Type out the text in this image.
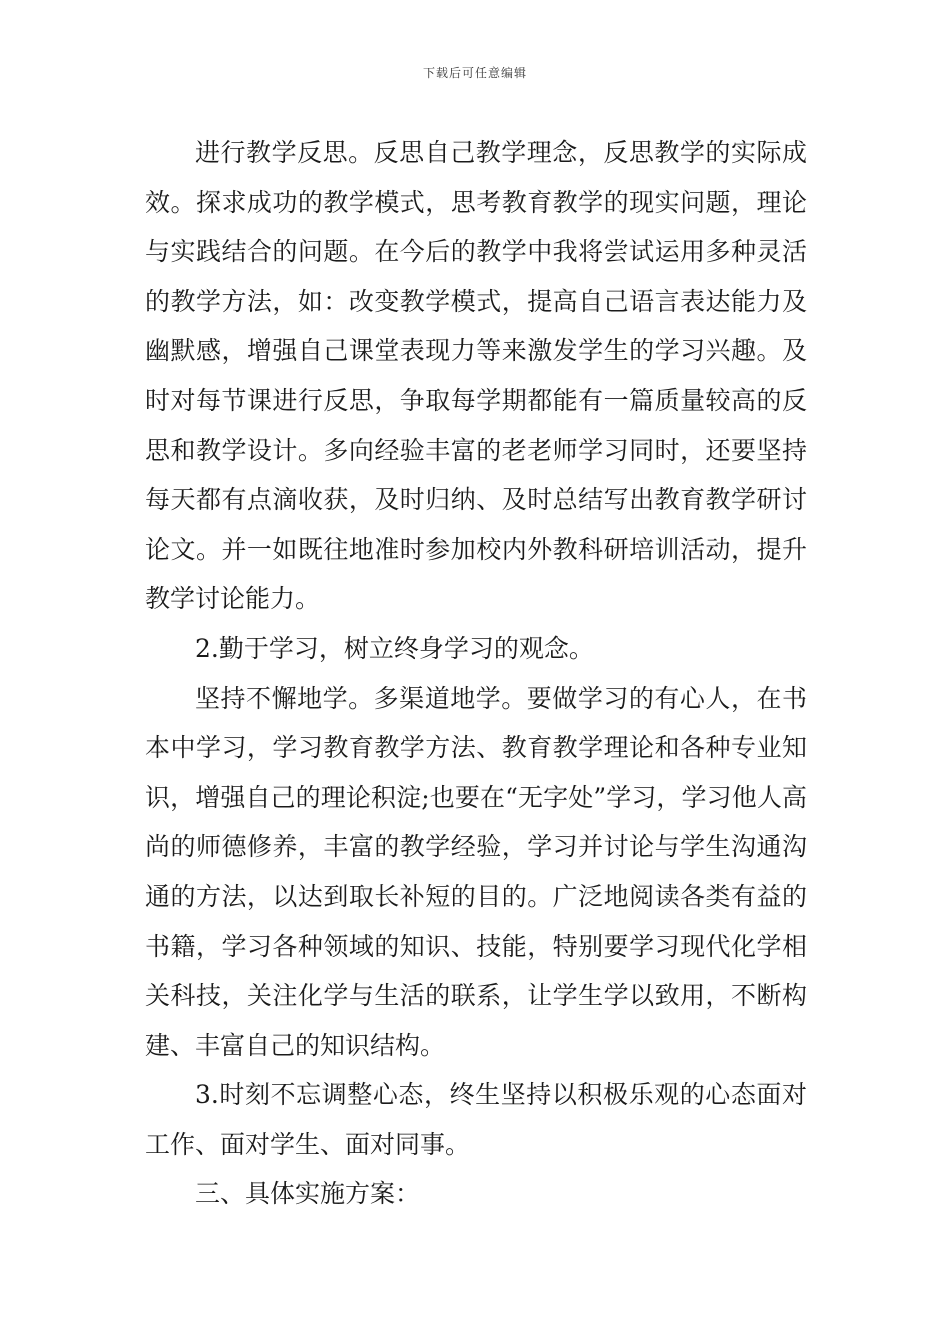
下载后可任意编辑

进行教学反思。反思自己教学理念，反思教学的实际成效。探求成功的教学模式，思考教育教学的现实问题，理论与实践结合的问题。在今后的教学中我将尝试运用多种灵活的教学方法，如：改变教学模式，提高自己语言表达能力及幽默感，增强自己课堂表现力等来激发学生的学习兴趣。及时对每节课进行反思，争取每学期都能有一篇质量较高的反思和教学设计。多向经验丰富的老老师学习同时，还要坚持每天都有点滴收获，及时归纳、及时总结写出教育教学研讨论文。并一如既往地准时参加校内外教科研培训活动，提升教学讨论能力。

2.勤于学习，树立终身学习的观念。

坚持不懈地学。多渠道地学。要做学习的有心人，在书本中学习，学习教育教学方法、教育教学理论和各种专业知识，增强自己的理论积淀;也要在“无字处”学习，学习他人高尚的师德修养，丰富的教学经验，学习并讨论与学生沟通沟通的方法，以达到取长补短的目的。广泛地阅读各类有益的书籍，学习各种领域的知识、技能，特别要学习现代化学相关科技，关注化学与生活的联系，让学生学以致用，不断构建、丰富自己的知识结构。

3.时刻不忘调整心态，终生坚持以积极乐观的心态面对工作、面对学生、面对同事。

三、具体实施方案：
